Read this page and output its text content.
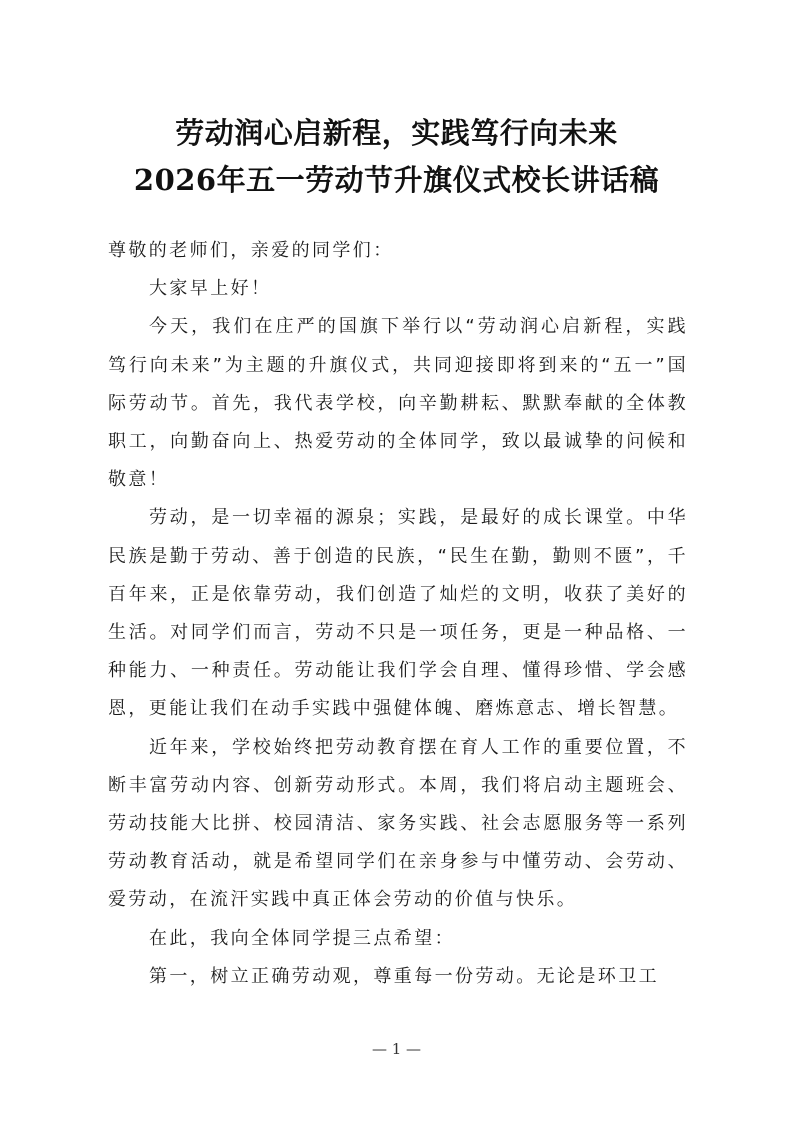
劳动润心启新程，实践笃行向未来
2026年五一劳动节升旗仪式校长讲话稿

尊敬的老师们，亲爱的同学们：

大家早上好！

今天，我们在庄严的国旗下举行以“劳动润心启新程，实践笃行向未来”为主题的升旗仪式，共同迎接即将到来的“五一”国际劳动节。首先，我代表学校，向辛勤耕耘、默默奉献的全体教职工，向勤奋向上、热爱劳动的全体同学，致以最诚挚的问候和敬意！

劳动，是一切幸福的源泉；实践，是最好的成长课堂。中华民族是勤于劳动、善于创造的民族，“民生在勤，勤则不匮”，千百年来，正是依靠劳动，我们创造了灿烂的文明，收获了美好的生活。对同学们而言，劳动不只是一项任务，更是一种品格、一种能力、一种责任。劳动能让我们学会自理、懂得珍惜、学会感恩，更能让我们在动手实践中强健体魄、磨炼意志、增长智慧。

近年来，学校始终把劳动教育摆在育人工作的重要位置，不断丰富劳动内容、创新劳动形式。本周，我们将启动主题班会、劳动技能大比拼、校园清洁、家务实践、社会志愿服务等一系列劳动教育活动，就是希望同学们在亲身参与中懂劳动、会劳动、爱劳动，在流汗实践中真正体会劳动的价值与快乐。

在此，我向全体同学提三点希望：

第一，树立正确劳动观，尊重每一份劳动。无论是环卫工

— 1 —
